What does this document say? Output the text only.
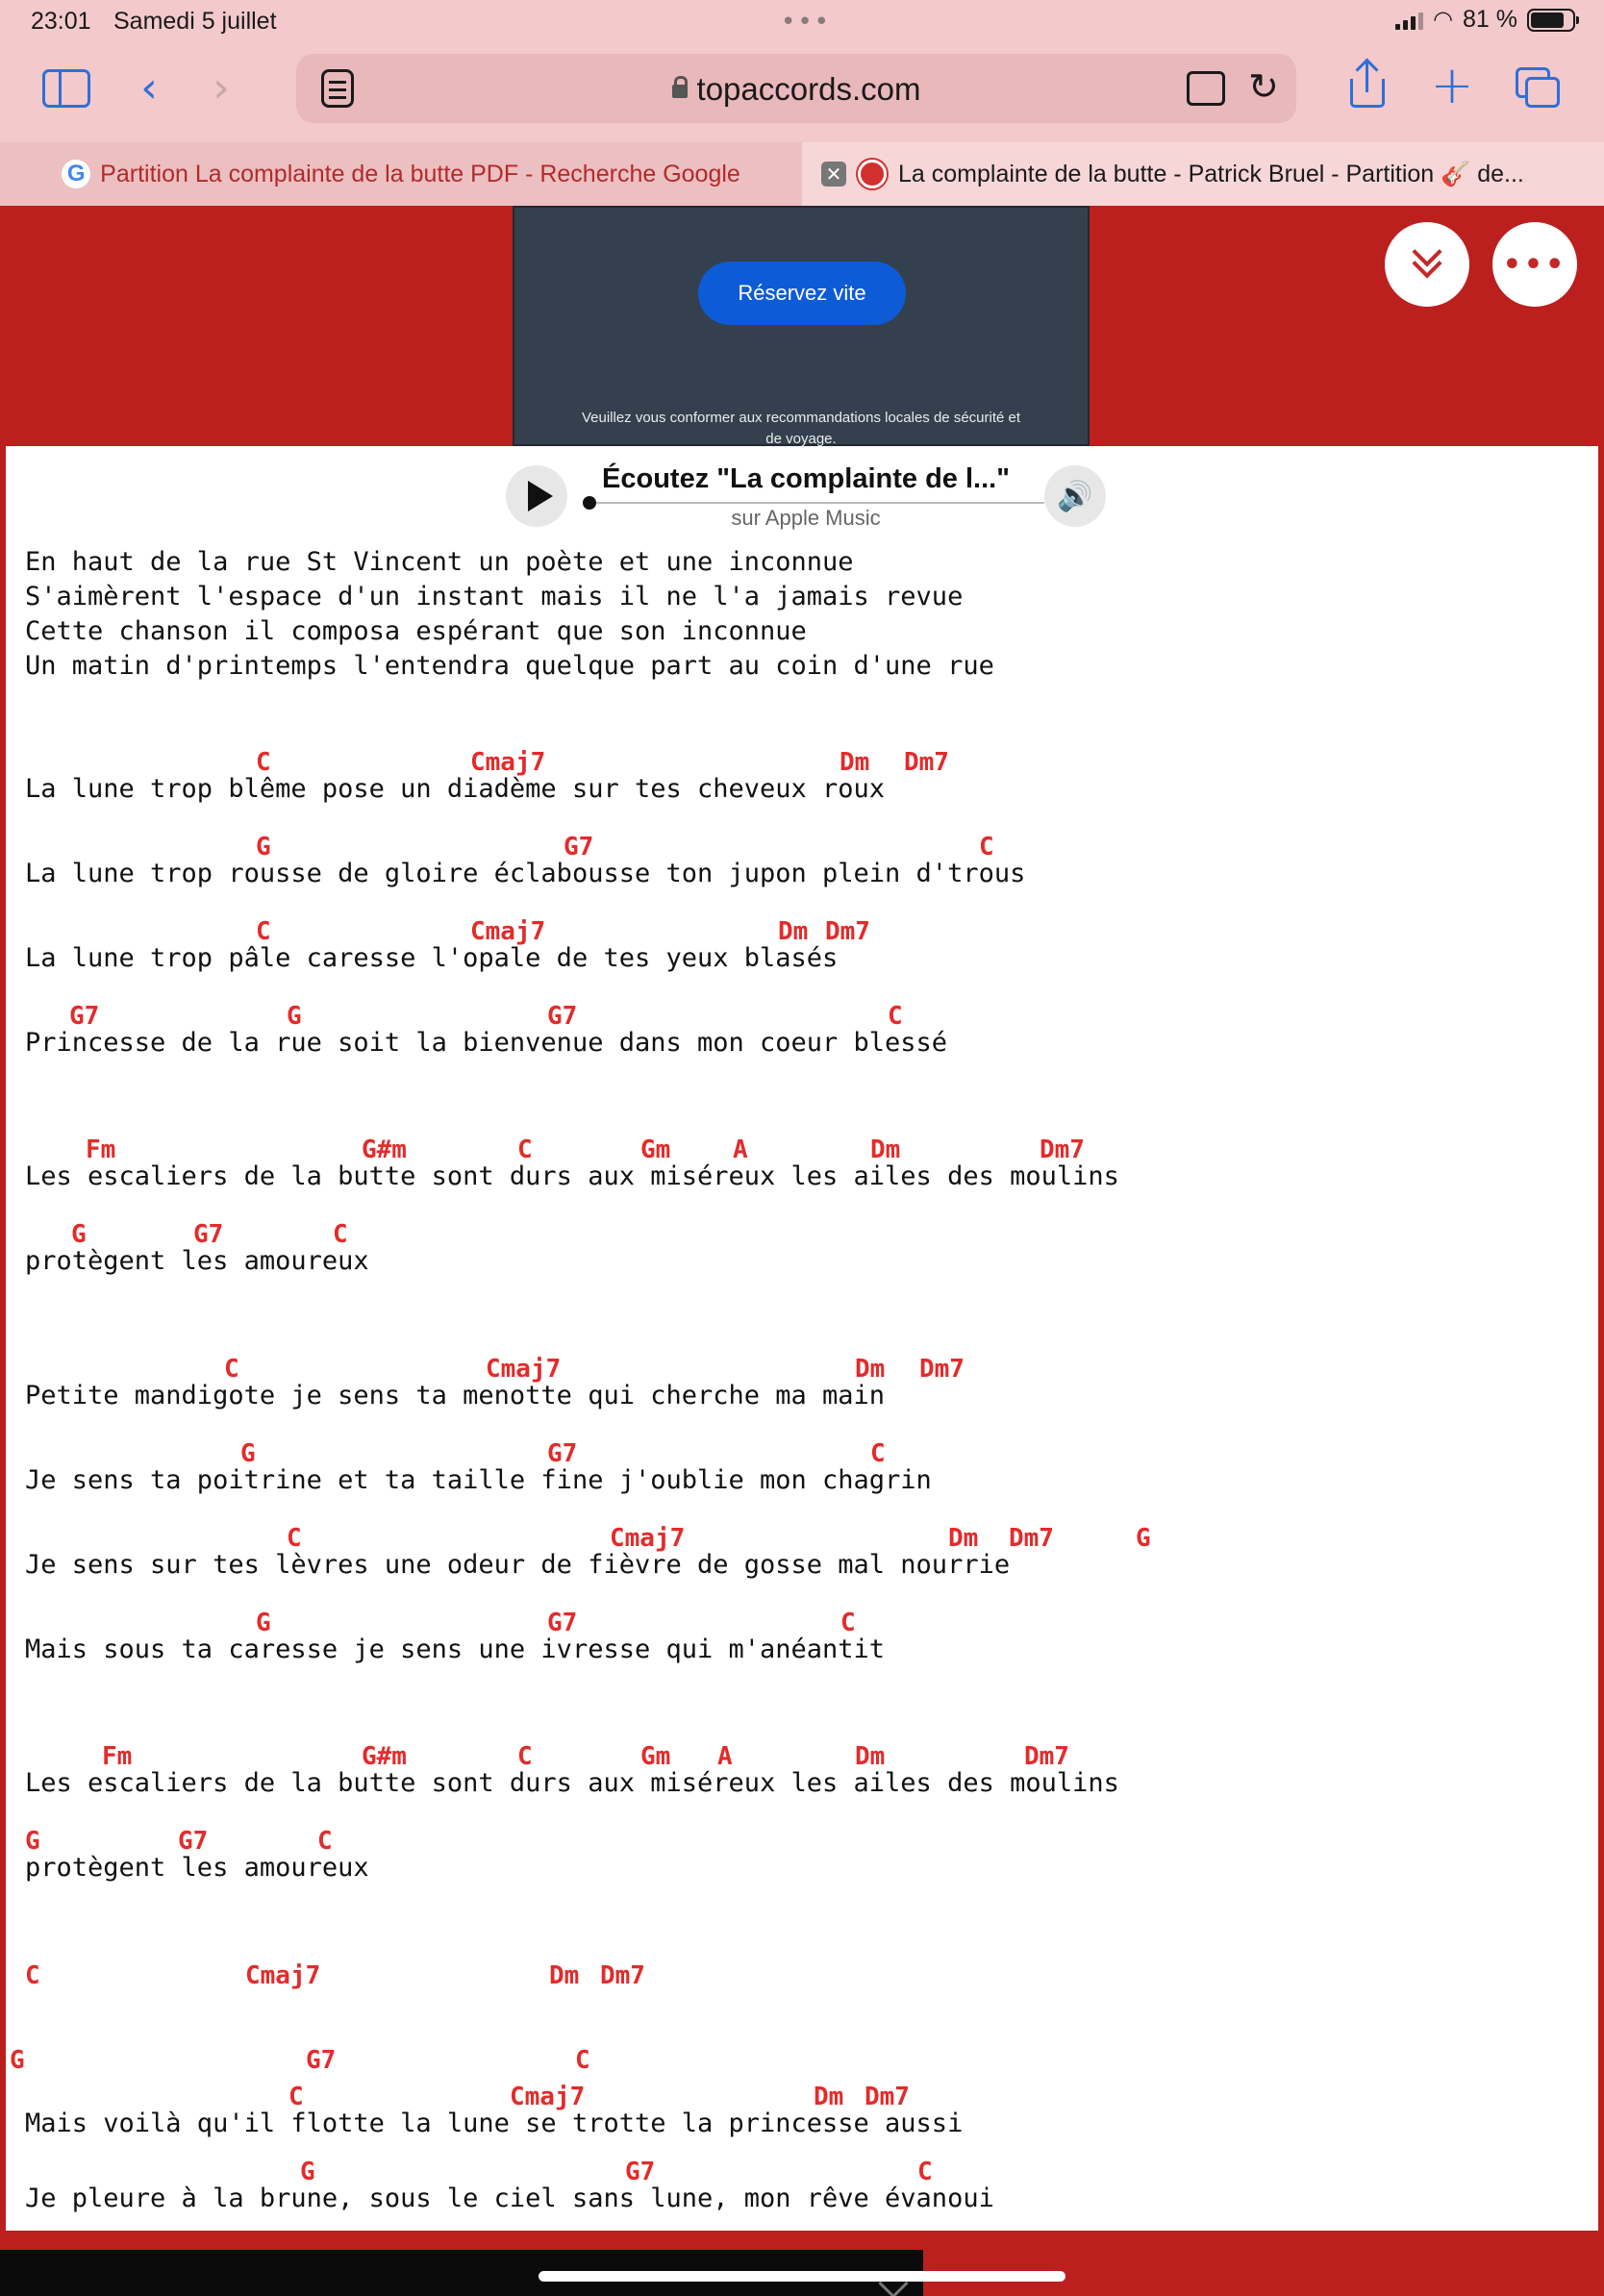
23:01 Samedi 5 juillet	•••	◠ 81 %
‹ ›	topaccords.com	↻	+
G Partition La complainte de la butte PDF - Recherche Google	✕ La complainte de la butte - Patrick Bruel - Partition 🎸 de...
Réservez vite
Veuillez vous conformer aux recommandations locales de sécurité et de voyage.
•••
Écoutez "La complainte de l..."
sur Apple Music
🔊
En haut de la rue St Vincent un poète et une inconnue
S'aimèrent l'espace d'un instant mais il ne l'a jamais revue
Cette chanson il composa espérant que son inconnue
Un matin d'printemps l'entendra quelque part au coin d'une rue
C	Cmaj7	Dm Dm7
La lune trop blême pose un diadème sur tes cheveux roux
G	G7	C
La lune trop rousse de gloire éclabousse ton jupon plein d'trous
C	Cmaj7	Dm Dm7
La lune trop pâle caresse l'opale de tes yeux blasés
G7	G	G7	C
Princesse de la rue soit la bienvenue dans mon coeur blessé
Fm	G#m	C	Gm A	Dm	Dm7
Les escaliers de la butte sont durs aux miséreux les ailes des moulins
G	G7	C
protègent les amoureux
C	Cmaj7	Dm Dm7
Petite mandigote je sens ta menotte qui cherche ma main
G	G7	C
Je sens ta poitrine et ta taille fine j'oublie mon chagrin
C	Cmaj7	Dm Dm7	G
Je sens sur tes lèvres une odeur de fièvre de gosse mal nourrie
G	G7	C
Mais sous ta caresse je sens une ivresse qui m'anéantit
Fm	G#m	C	Gm A	Dm	Dm7
Les escaliers de la butte sont durs aux miséreux les ailes des moulins
G	G7	C
protègent les amoureux
C	Cmaj7	Dm Dm7
G	G7	C
C	Cmaj7	Dm Dm7
Mais voilà qu'il flotte la lune se trotte la princesse aussi
G	G7	C
Je pleure à la brune, sous le ciel sans lune, mon rêve évanoui
